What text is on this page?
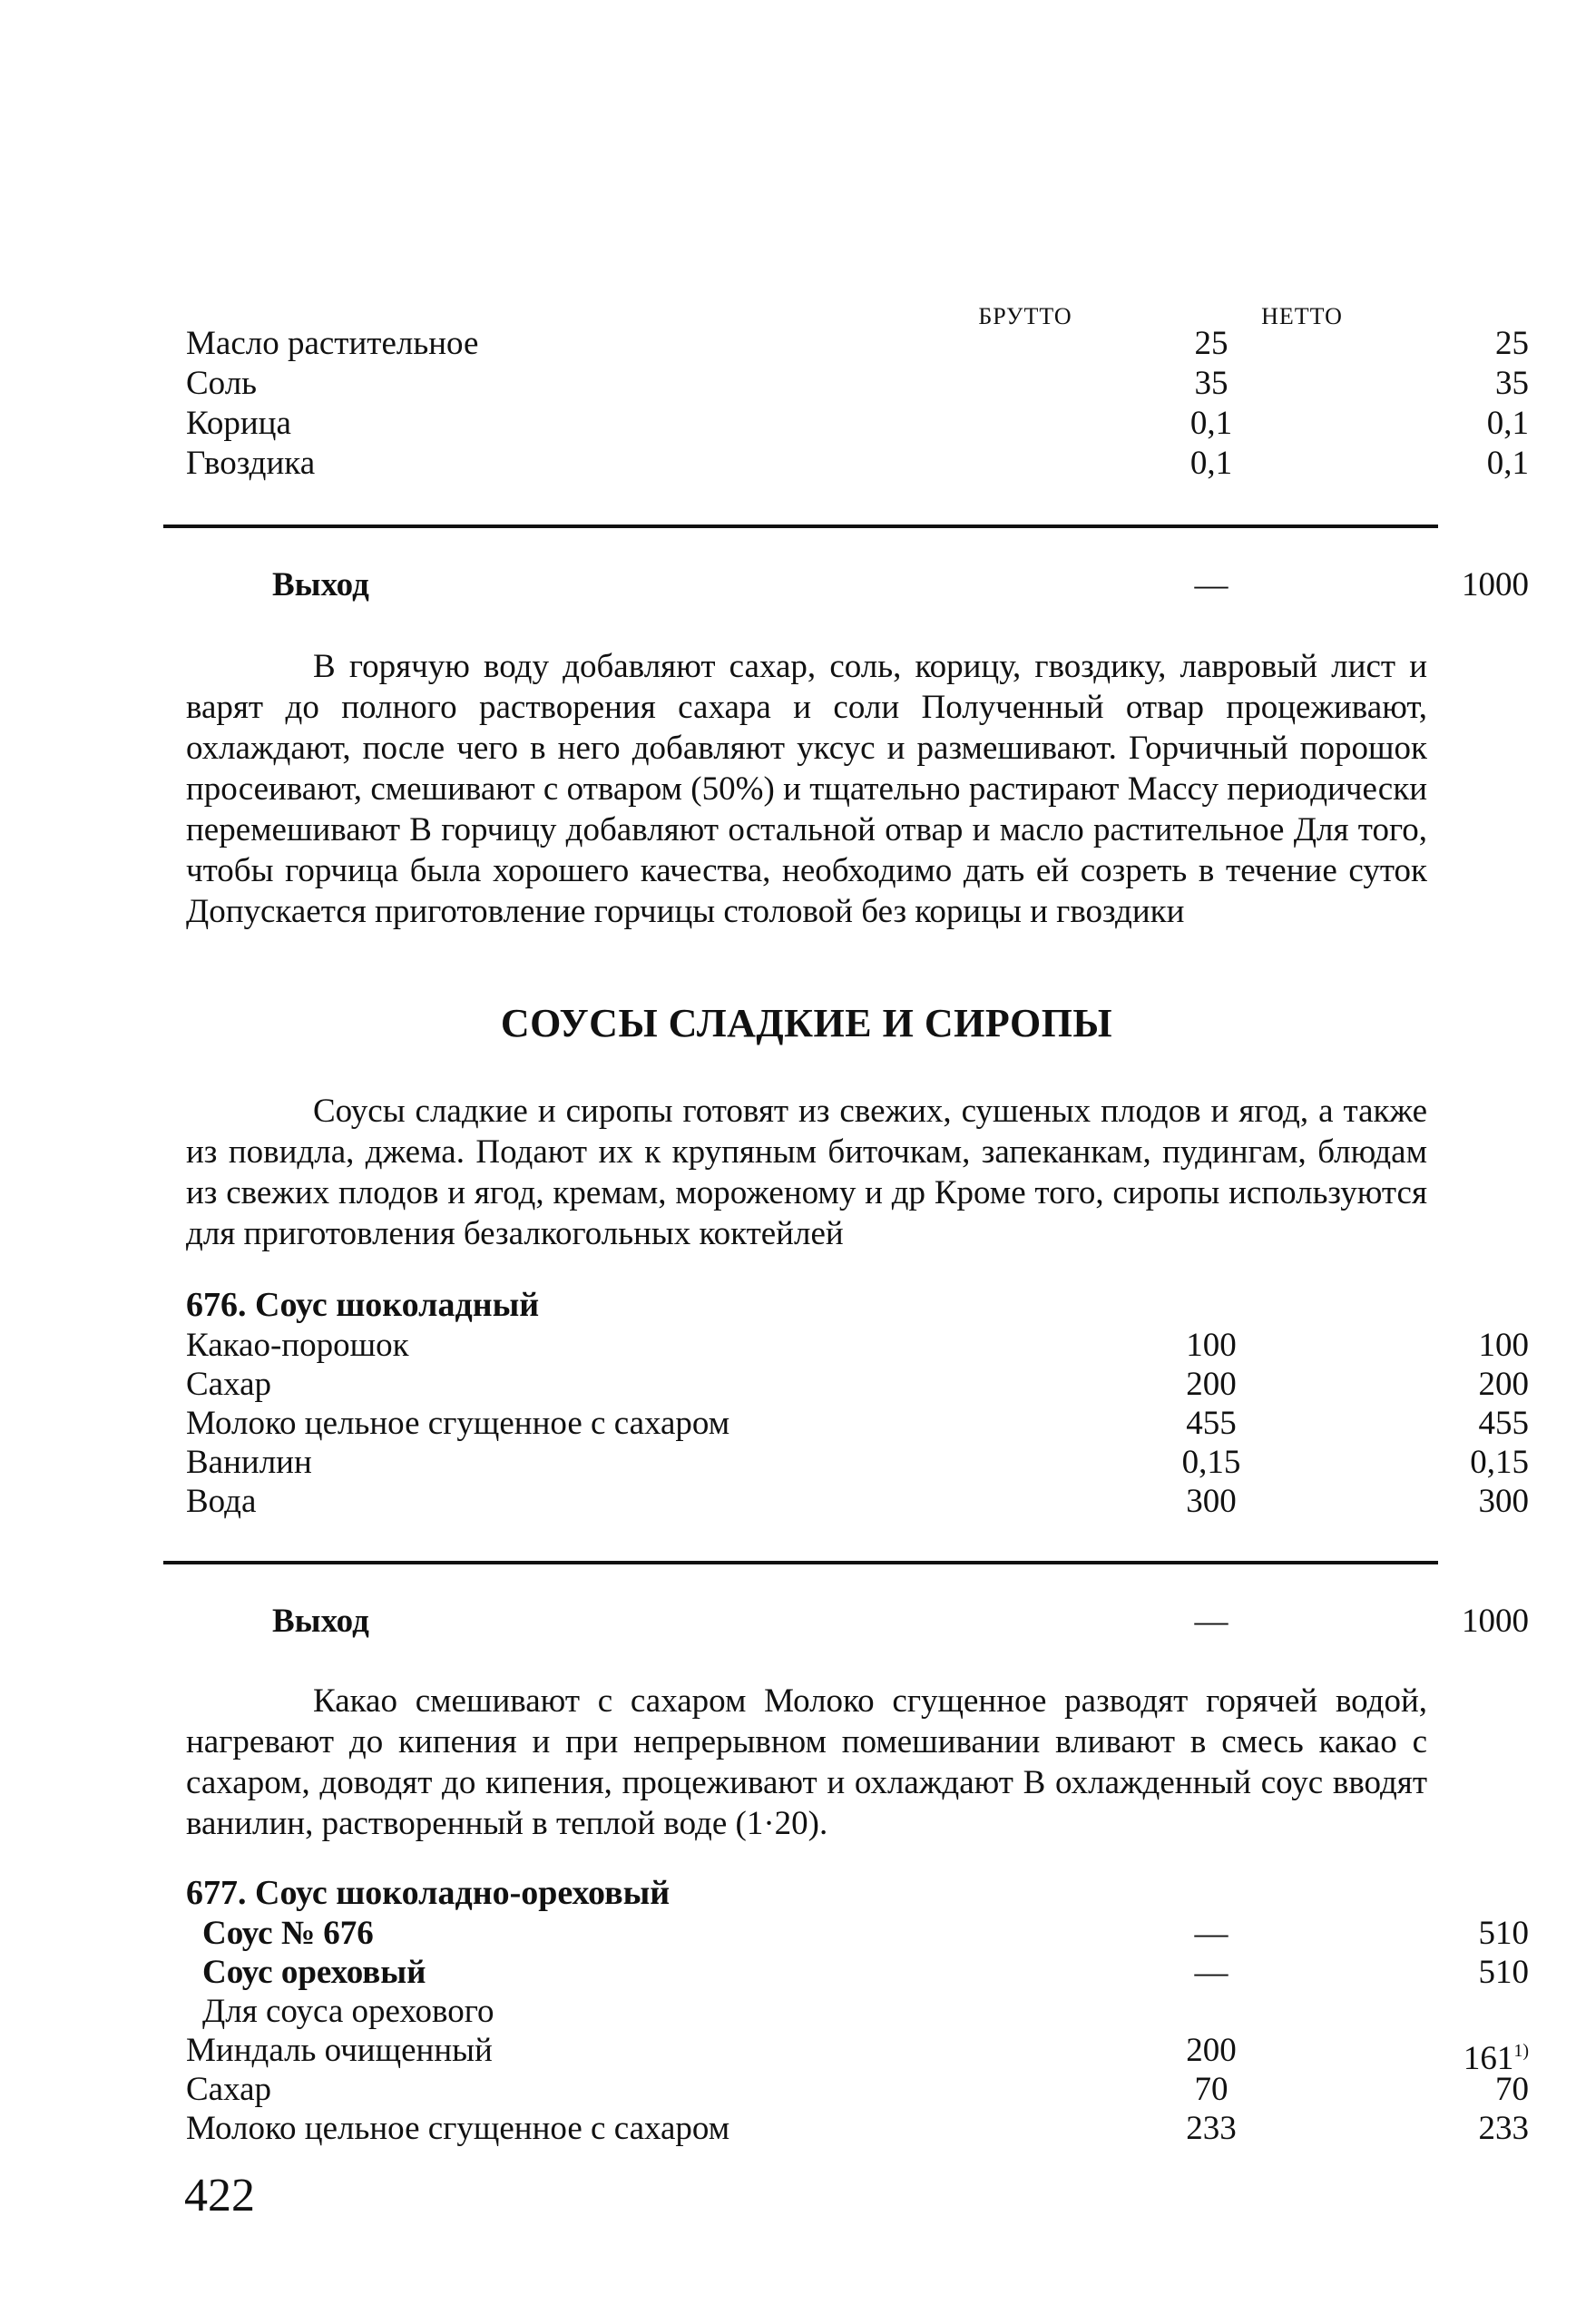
БРУТТО	НЕТТО
Масло растительное	25	25
Соль	35	35
Корица	0,1	0,1
Гвоздика	0,1	0,1
Выход	—	1000

В горячую воду добавляют сахар, соль, корицу, гвоздику, лавровый лист и варят до полного растворения сахара и соли Полученный отвар процеживают, охлаждают, после чего в него добавляют уксус и размешивают. Горчичный порошок просеивают, смешивают с отваром (50%) и тщательно растирают Массу периодически перемешивают В горчицу добавляют остальной отвар и масло растительное Для того, чтобы горчица была хорошего качества, необходимо дать ей созреть в течение суток Допускается приготовление горчицы столовой без корицы и гвоздики

СОУСЫ СЛАДКИЕ И СИРОПЫ

Соусы сладкие и сиропы готовят из свежих, сушеных плодов и ягод, а также из повидла, джема. Подают их к крупяным биточкам, запеканкам, пудингам, блюдам из свежих плодов и ягод, кремам, мороженому и др Кроме того, сиропы используются для приготовления безалкогольных коктейлей

676. Соус шоколадный
Какао-порошок	100	100
Сахар	200	200
Молоко цельное сгущенное с сахаром	455	455
Ванилин	0,15	0,15
Вода	300	300
Выход	—	1000

Какао смешивают с сахаром Молоко сгущенное разводят горячей водой, нагревают до кипения и при непрерывном помешивании вливают в смесь какао с сахаром, доводят до кипения, процеживают и охлаждают В охлажденный соус вводят ванилин, растворенный в теплой воде (1·20).

677. Соус шоколадно-ореховый
Соус № 676	—	510
Соус ореховый	—	510
Для соуса орехового
Миндаль очищенный	200	161$^{1)}$
Сахар	70	70
Молоко цельное сгущенное с сахаром	233	233
422
